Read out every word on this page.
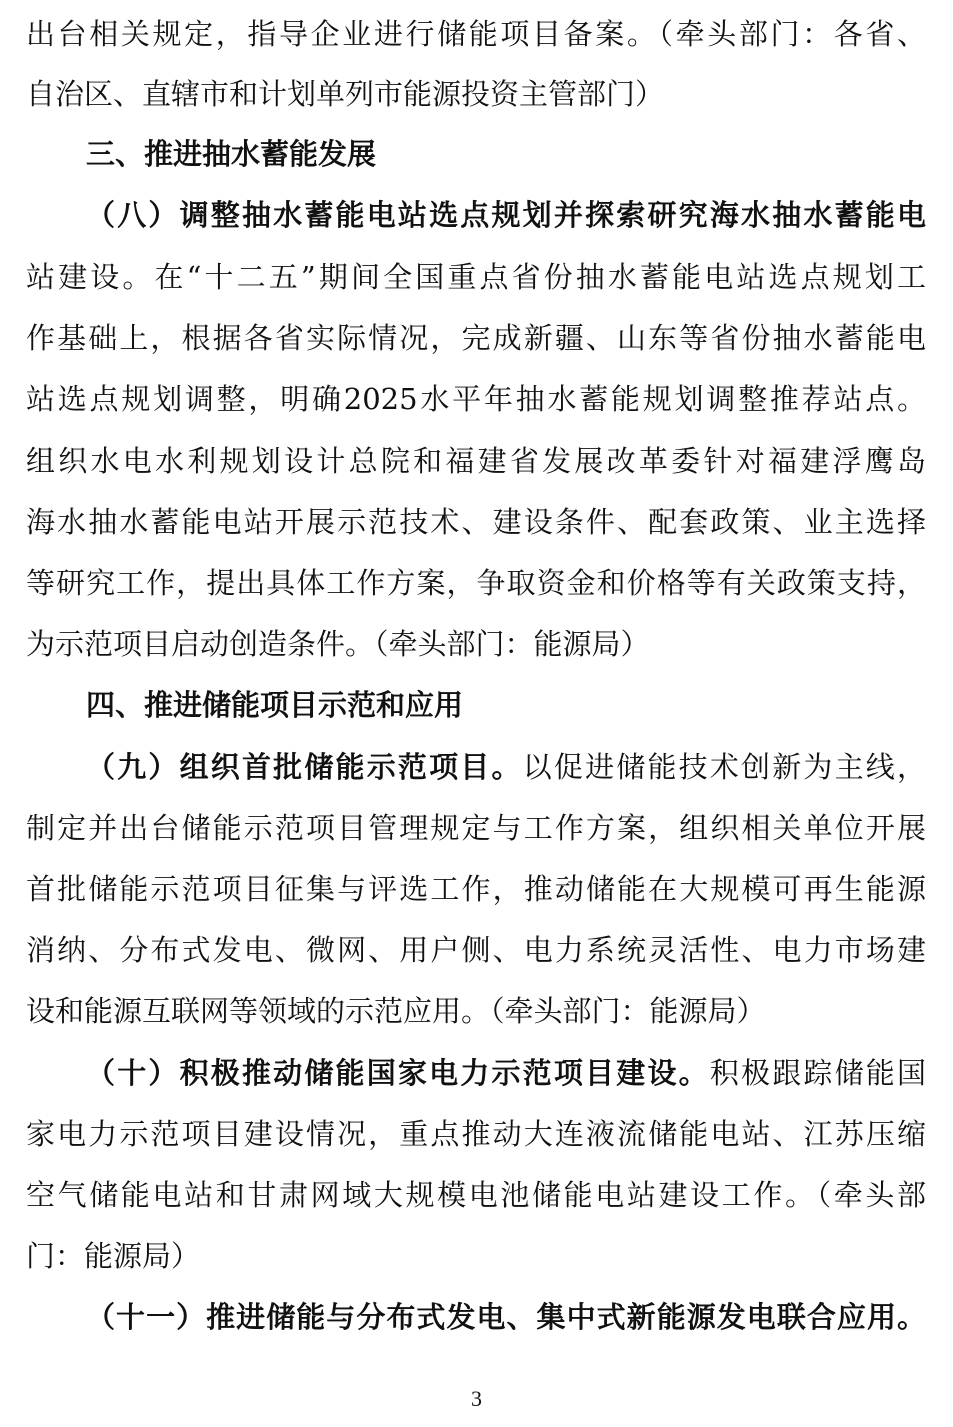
出台相关规定，指导企业进行储能项目备案。（牵头部门：各省、
自治区、直辖市和计划单列市能源投资主管部门）
三、推进抽水蓄能发展
（八）调整抽水蓄能电站选点规划并探索研究海水抽水蓄能电
站建设。在“十二五”期间全国重点省份抽水蓄能电站选点规划工
作基础上，根据各省实际情况，完成新疆、山东等省份抽水蓄能电
站选点规划调整，明确2025水平年抽水蓄能规划调整推荐站点。
组织水电水利规划设计总院和福建省发展改革委针对福建浮鹰岛
海水抽水蓄能电站开展示范技术、建设条件、配套政策、业主选择
等研究工作，提出具体工作方案，争取资金和价格等有关政策支持，
为示范项目启动创造条件。（牵头部门：能源局）
四、推进储能项目示范和应用
（九）组织首批储能示范项目。以促进储能技术创新为主线，
制定并出台储能示范项目管理规定与工作方案，组织相关单位开展
首批储能示范项目征集与评选工作，推动储能在大规模可再生能源
消纳、分布式发电、微网、用户侧、电力系统灵活性、电力市场建
设和能源互联网等领域的示范应用。（牵头部门：能源局）
（十）积极推动储能国家电力示范项目建设。积极跟踪储能国
家电力示范项目建设情况，重点推动大连液流储能电站、江苏压缩
空气储能电站和甘肃网域大规模电池储能电站建设工作。（牵头部
门：能源局）
（十一）推进储能与分布式发电、集中式新能源发电联合应用。
3
